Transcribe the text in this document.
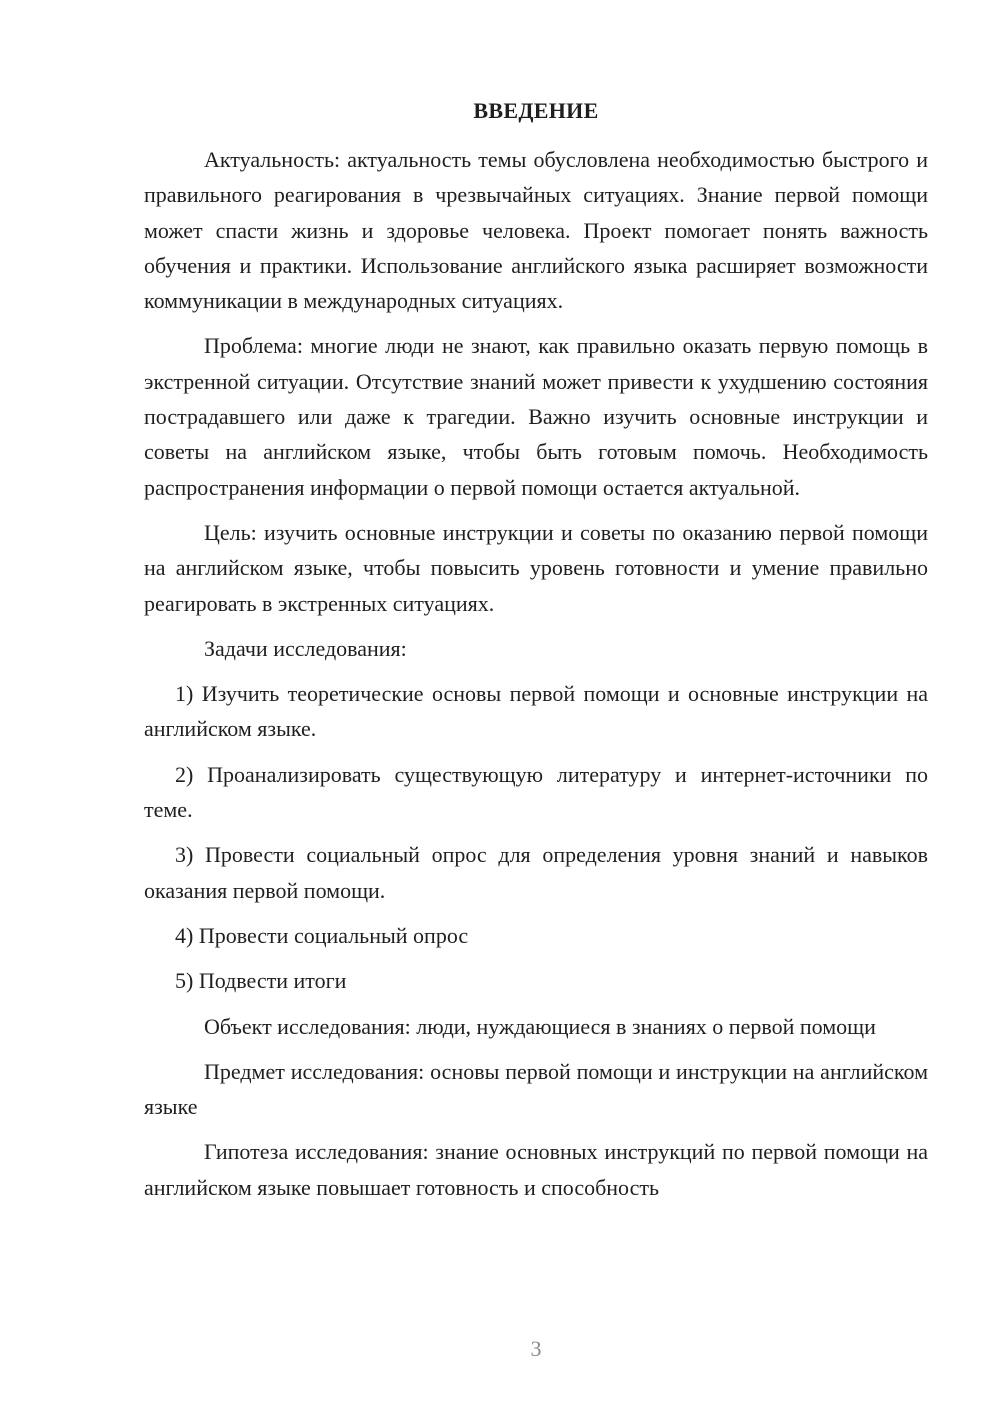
ВВЕДЕНИЕ

Актуальность: актуальность темы обусловлена необходимостью быстрого и правильного реагирования в чрезвычайных ситуациях. Знание первой помощи может спасти жизнь и здоровье человека. Проект помогает понять важность обучения и практики. Использование английского языка расширяет возможности коммуникации в международных ситуациях.

Проблема: многие люди не знают, как правильно оказать первую помощь в экстренной ситуации. Отсутствие знаний может привести к ухудшению состояния пострадавшего или даже к трагедии. Важно изучить основные инструкции и советы на английском языке, чтобы быть готовым помочь. Необходимость распространения информации о первой помощи остается актуальной.

Цель: изучить основные инструкции и советы по оказанию первой помощи на английском языке, чтобы повысить уровень готовности и умение правильно реагировать в экстренных ситуациях.

Задачи исследования:

1) Изучить теоретические основы первой помощи и основные инструкции на английском языке.

2) Проанализировать существующую литературу и интернет-источники по теме.

3) Провести социальный опрос для определения уровня знаний и навыков оказания первой помощи.

4) Провести социальный опрос

5) Подвести итоги

Объект исследования: люди, нуждающиеся в знаниях о первой помощи

Предмет исследования: основы первой помощи и инструкции на английском языке

Гипотеза исследования: знание основных инструкций по первой помощи на английском языке повышает готовность и способность

3
